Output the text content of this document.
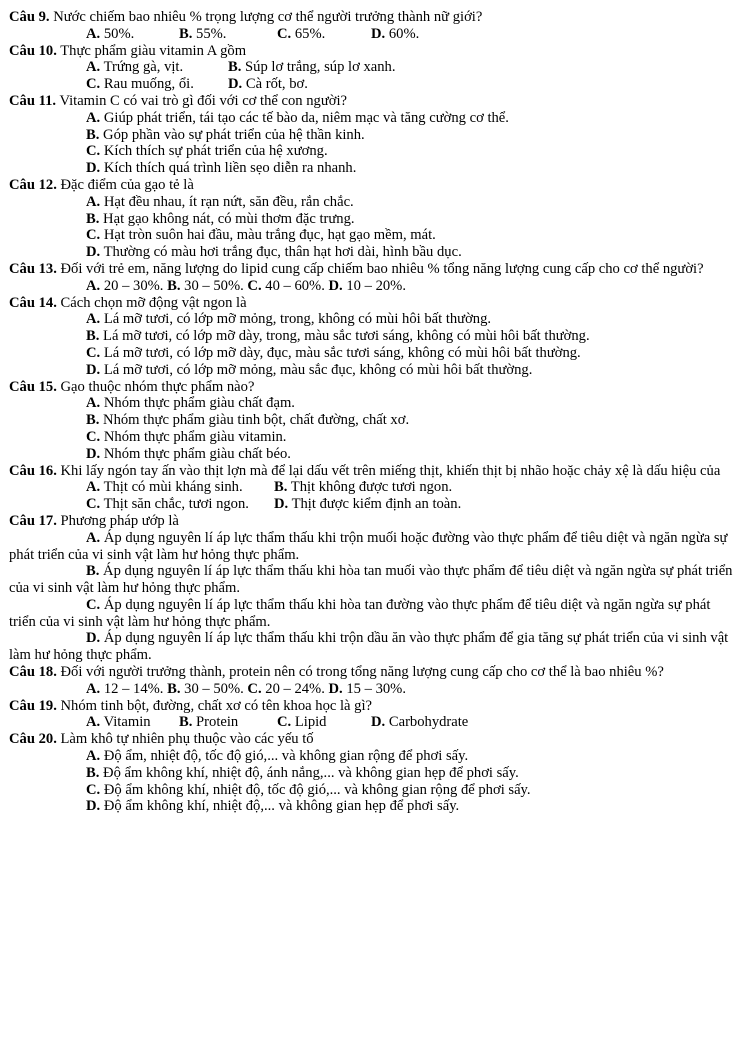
Câu 9. Nước chiếm bao nhiêu % trọng lượng cơ thể người trưởng thành nữ giới?
A. 50%.	B. 55%.	C. 65%.	D. 60%.
Câu 10. Thực phẩm giàu vitamin A gồm
A. Trứng gà, vịt.	B. Súp lơ trắng, súp lơ xanh.
C. Rau muống, ổi. D. Cà rốt, bơ.
Câu 11. Vitamin C có vai trò gì đối với cơ thể con người?
A. Giúp phát triển, tái tạo các tế bào da, niêm mạc và tăng cường cơ thể.
B. Góp phần vào sự phát triển của hệ thần kinh.
C. Kích thích sự phát triển của hệ xương.
D. Kích thích quá trình liền sẹo diễn ra nhanh.
Câu 12. Đặc điểm của gạo tẻ là
A. Hạt đều nhau, ít rạn nứt, săn đều, rắn chắc.
B. Hạt gạo không nát, có mùi thơm đặc trưng.
C. Hạt tròn suôn hai đầu, màu trắng đục, hạt gạo mềm, mát.
D. Thường có màu hơi trắng đục, thân hạt hơi dài, hình bầu dục.
Câu 13. Đối với trẻ em, năng lượng do lipid cung cấp chiếm bao nhiêu % tổng năng lượng cung cấp cho cơ thể người?
A. 20 – 30%. B. 30 – 50%. C. 40 – 60%. D. 10 – 20%.
Câu 14. Cách chọn mỡ động vật ngon là
A. Lá mỡ tươi, có lớp mỡ mỏng, trong, không có mùi hôi bất thường.
B. Lá mỡ tươi, có lớp mỡ dày, trong, màu sắc tươi sáng, không có mùi hôi bất thường.
C. Lá mỡ tươi, có lớp mỡ dày, đục, màu sắc tươi sáng, không có mùi hôi bất thường.
D. Lá mỡ tươi, có lớp mỡ mỏng, màu sắc đục, không có mùi hôi bất thường.
Câu 15. Gạo thuộc nhóm thực phẩm nào?
A. Nhóm thực phẩm giàu chất đạm.
B. Nhóm thực phẩm giàu tinh bột, chất đường, chất xơ.
C. Nhóm thực phẩm giàu vitamin.
D. Nhóm thực phẩm giàu chất béo.
Câu 16. Khi lấy ngón tay ấn vào thịt lợn mà để lại dấu vết trên miếng thịt, khiến thịt bị nhão hoặc chảy xệ là dấu hiệu của
A. Thịt có mùi kháng sinh. B. Thịt không được tươi ngon.
C. Thịt săn chắc, tươi ngon. D. Thịt được kiểm định an toàn.
Câu 17. Phương pháp ướp là
A. Áp dụng nguyên lí áp lực thẩm thấu khi trộn muối hoặc đường vào thực phẩm để tiêu diệt và ngăn ngừa sự phát triển của vi sinh vật làm hư hỏng thực phẩm.
B. Áp dụng nguyên lí áp lực thẩm thấu khi hòa tan muối vào thực phẩm để tiêu diệt và ngăn ngừa sự phát triển của vi sinh vật làm hư hỏng thực phẩm.
C. Áp dụng nguyên lí áp lực thẩm thấu khi hòa tan đường vào thực phẩm để tiêu diệt và ngăn ngừa sự phát triển của vi sinh vật làm hư hỏng thực phẩm.
D. Áp dụng nguyên lí áp lực thẩm thấu khi trộn dầu ăn vào thực phẩm để gia tăng sự phát triển của vi sinh vật làm hư hỏng thực phẩm.
Câu 18. Đối với người trưởng thành, protein nên có trong tổng năng lượng cung cấp cho cơ thể là bao nhiêu %?
A. 12 – 14%. B. 30 – 50%. C. 20 – 24%. D. 15 – 30%.
Câu 19. Nhóm tinh bột, đường, chất xơ có tên khoa học là gì?
A. Vitamin B. Protein	C. Lipid	D. Carbohydrate
Câu 20. Làm khô tự nhiên phụ thuộc vào các yếu tố
A. Độ ẩm, nhiệt độ, tốc độ gió,... và không gian rộng để phơi sấy.
B. Độ ẩm không khí, nhiệt độ, ánh nắng,... và không gian hẹp để phơi sấy.
C. Độ ẩm không khí, nhiệt độ, tốc độ gió,... và không gian rộng để phơi sấy.
D. Độ ẩm không khí, nhiệt độ,... và không gian hẹp để phơi sấy.
